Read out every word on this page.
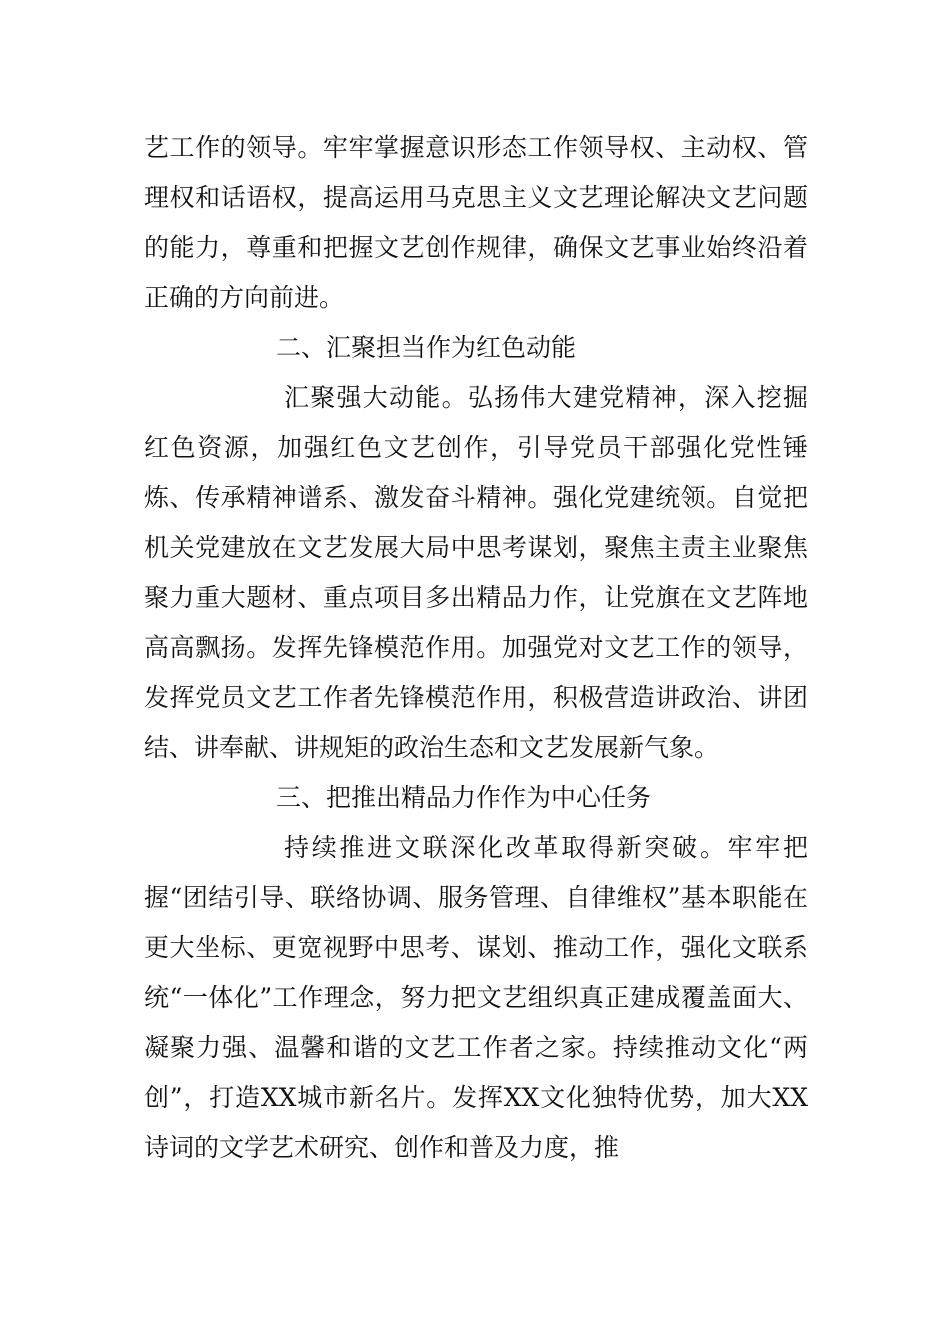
艺工作的领导。牢牢掌握意识形态工作领导权、主动权、管理权和话语权，提高运用马克思主义文艺理论解决文艺问题的能力，尊重和把握文艺创作规律，确保文艺事业始终沿着正确的方向前进。

二、汇聚担当作为红色动能

汇聚强大动能。弘扬伟大建党精神，深入挖掘红色资源，加强红色文艺创作，引导党员干部强化党性锤炼、传承精神谱系、激发奋斗精神。强化党建统领。自觉把机关党建放在文艺发展大局中思考谋划，聚焦主责主业聚焦聚力重大题材、重点项目多出精品力作，让党旗在文艺阵地高高飘扬。发挥先锋模范作用。加强党对文艺工作的领导，发挥党员文艺工作者先锋模范作用，积极营造讲政治、讲团结、讲奉献、讲规矩的政治生态和文艺发展新气象。

三、把推出精品力作作为中心任务

持续推进文联深化改革取得新突破。牢牢把握“团结引导、联络协调、服务管理、自律维权”基本职能在更大坐标、更宽视野中思考、谋划、推动工作，强化文联系统“一体化”工作理念，努力把文艺组织真正建成覆盖面大、凝聚力强、温馨和谐的文艺工作者之家。持续推动文化“两创”，打造XX城市新名片。发挥XX文化独特优势，加大XX诗词的文学艺术研究、创作和普及力度，推
